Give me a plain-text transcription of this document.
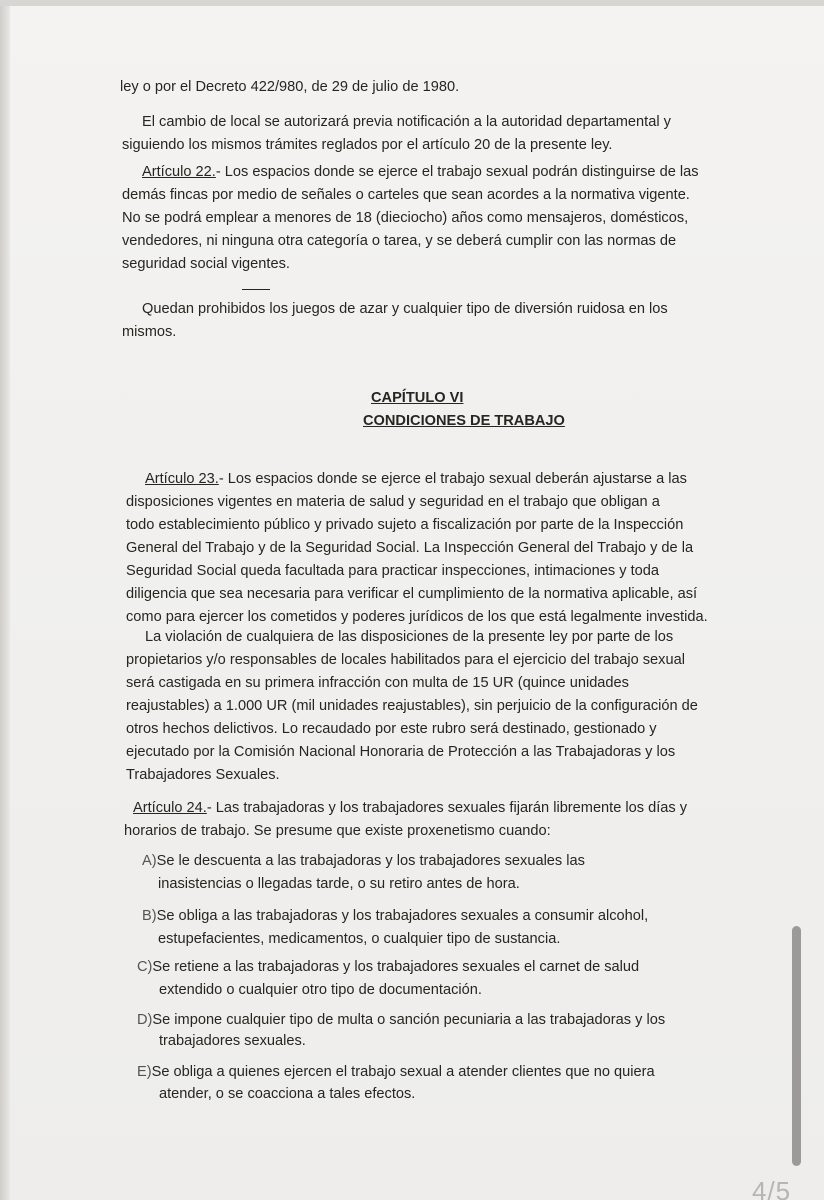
ley o por el Decreto 422/980, de 29 de julio de 1980.

El cambio de local se autorizará previa notificación a la autoridad departamental y
siguiendo los mismos trámites reglados por el artículo 20 de la presente ley.

Artículo 22.- Los espacios donde se ejerce el trabajo sexual podrán distinguirse de las
demás fincas por medio de señales o carteles que sean acordes a la normativa vigente.
No se podrá emplear a menores de 18 (dieciocho) años como mensajeros, domésticos,
vendedores, ni ninguna otra categoría o tarea, y se deberá cumplir con las normas de
seguridad social vigentes.

Quedan prohibidos los juegos de azar y cualquier tipo de diversión ruidosa en los
mismos.

CAPÍTULO VI
CONDICIONES DE TRABAJO

Artículo 23.- Los espacios donde se ejerce el trabajo sexual deberán ajustarse a las
disposiciones vigentes en materia de salud y seguridad en el trabajo que obligan a
todo establecimiento público y privado sujeto a fiscalización por parte de la Inspección
General del Trabajo y de la Seguridad Social. La Inspección General del Trabajo y de la
Seguridad Social queda facultada para practicar inspecciones, intimaciones y toda
diligencia que sea necesaria para verificar el cumplimiento de la normativa aplicable, así
como para ejercer los cometidos y poderes jurídicos de los que está legalmente investida.

La violación de cualquiera de las disposiciones de la presente ley por parte de los
propietarios y/o responsables de locales habilitados para el ejercicio del trabajo sexual
será castigada en su primera infracción con multa de 15 UR (quince unidades
reajustables) a 1.000 UR (mil unidades reajustables), sin perjuicio de la configuración de
otros hechos delictivos. Lo recaudado por este rubro será destinado, gestionado y
ejecutado por la Comisión Nacional Honoraria de Protección a las Trabajadoras y los
Trabajadores Sexuales.

Artículo 24.- Las trabajadoras y los trabajadores sexuales fijarán libremente los días y
horarios de trabajo. Se presume que existe proxenetismo cuando:

A)Se le descuenta a las trabajadoras y los trabajadores sexuales las
inasistencias o llegadas tarde, o su retiro antes de hora.
B)Se obliga a las trabajadoras y los trabajadores sexuales a consumir alcohol,
estupefacientes, medicamentos, o cualquier tipo de sustancia.
C)Se retiene a las trabajadoras y los trabajadores sexuales el carnet de salud
extendido o cualquier otro tipo de documentación.
D)Se impone cualquier tipo de multa o sanción pecuniaria a las trabajadoras y los
trabajadores sexuales.
E)Se obliga a quienes ejercen el trabajo sexual a atender clientes que no quiera
atender, o se coacciona a tales efectos.
4/5
